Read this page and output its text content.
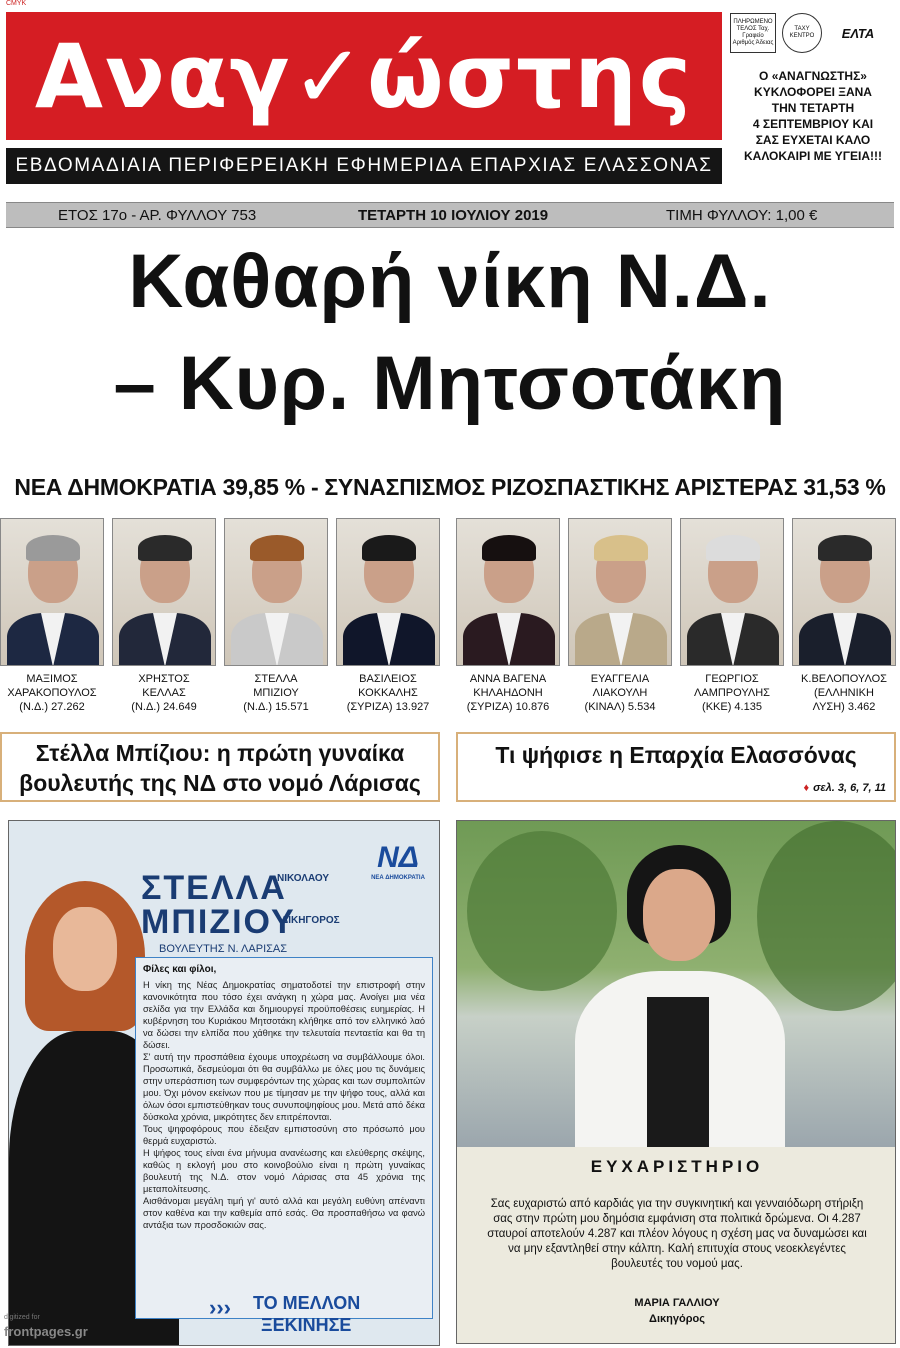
CMYK
Αναγ✓ώστης
ΕΒΔΟΜΑΔΙΑΙΑ ΠΕΡΙΦΕΡΕΙΑΚΗ ΕΦΗΜΕΡΙΔΑ ΕΠΑΡΧΙΑΣ ΕΛΑΣΣΟΝΑΣ
ΠΛΗΡΩΜΕΝΟ ΤΕΛΟΣ Ταχ. Γραφείο Αριθμός Άδειας
ΤΑΧΥ ΚΕΝΤΡΟ	ΕΛΤΑ
Ο «ΑΝΑΓΝΩΣΤΗΣ»
ΚΥΚΛΟΦΟΡΕΙ ΞΑΝΑ
ΤΗΝ ΤΕΤΑΡΤΗ
4 ΣΕΠΤΕΜΒΡΙΟΥ ΚΑΙ
ΣΑΣ ΕΥΧΕΤΑΙ ΚΑΛΟ
ΚΑΛΟΚΑΙΡΙ ΜΕ ΥΓΕΙΑ!!!
ΕΤΟΣ 17ο - ΑΡ. ΦΥΛΛΟΥ 753	ΤΕΤΑΡΤΗ 10 ΙΟΥΛΙΟΥ 2019	ΤΙΜΗ ΦΥΛΛΟΥ: 1,00 €
Καθαρή νίκη Ν.Δ.
– Κυρ. Μητσοτάκη
ΝΕΑ ΔΗΜΟΚΡΑΤΙΑ 39,85 % - ΣΥΝΑΣΠΙΣΜΟΣ ΡΙΖΟΣΠΑΣΤΙΚΗΣ ΑΡΙΣΤΕΡΑΣ 31,53 %
ΜΑΞΙΜΟΣ
ΧΑΡΑΚΟΠΟΥΛΟΣ
(Ν.Δ.) 27.262
ΧΡΗΣΤΟΣ
ΚΕΛΛΑΣ
(Ν.Δ.) 24.649
ΣΤΕΛΛΑ
ΜΠΙΖΙΟΥ
(Ν.Δ.) 15.571
ΒΑΣΙΛΕΙΟΣ
ΚΟΚΚΑΛΗΣ
(ΣΥΡΙΖΑ) 13.927
ΑΝΝΑ ΒΑΓΕΝΑ
ΚΗΛΑΗΔΟΝΗ
(ΣΥΡΙΖΑ) 10.876
ΕΥΑΓΓΕΛΙΑ
ΛΙΑΚΟΥΛΗ
(ΚΙΝΑΛ) 5.534
ΓΕΩΡΓΙΟΣ
ΛΑΜΠΡΟΥΛΗΣ
(ΚΚΕ) 4.135
Κ.ΒΕΛΟΠΟΥΛΟΣ
(ΕΛΛΗΝΙΚΗ
ΛΥΣΗ) 3.462
Στέλλα Μπίζιου: η πρώτη γυναίκα
βουλευτής της ΝΔ στο νομό Λάρισας
Τι ψήφισε η Επαρχία Ελασσόνας
♦ σελ. 3, 6, 7, 11
ΣΤΕΛΛΑ
ΜΠΙΖΙΟΥ
ΝΙΚΟΛΑΟΥ
ΔΙΚΗΓΟΡΟΣ
ΒΟΥΛΕΥΤΗΣ Ν. ΛΑΡΙΣΑΣ
ΝΔ
ΝΕΑ ΔΗΜΟΚΡΑΤΙΑ
Φίλες και φίλοι,

Η νίκη της Νέας Δημοκρατίας σηματοδοτεί την επιστροφή στην κανονικότητα που τόσο έχει ανάγκη η χώρα μας. Ανοίγει μια νέα σελίδα για την Ελλάδα και δημιουργεί προϋποθέσεις ευημερίας. Η κυβέρνηση του Κυριάκου Μητσοτάκη κλήθηκε από τον ελληνικό λαό να δώσει την ελπίδα που χάθηκε την τελευταία πενταετία και θα τη δώσει.

Σ' αυτή την προσπάθεια έχουμε υποχρέωση να συμβάλλουμε όλοι. Προσωπικά, δεσμεύομαι ότι θα συμβάλλω με όλες μου τις δυνάμεις στην υπεράσπιση των συμφερόντων της χώρας και των συμπολιτών μου. Όχι μόνον εκείνων που με τίμησαν με την ψήφο τους, αλλά και όλων όσοι εμπιστεύθηκαν τους συνυποψηφίους μου. Μετά από δέκα δύσκολα χρόνια, μικρότητες δεν επιτρέπονται.

Τους ψηφοφόρους που έδειξαν εμπιστοσύνη στο πρόσωπό μου θερμά ευχαριστώ.

Η ψήφος τους είναι ένα μήνυμα ανανέωσης και ελεύθερης σκέψης, καθώς η εκλογή μου στο κοινοβούλιο είναι η πρώτη γυναίκας βουλευτή της Ν.Δ. στον νομό Λάρισας στα 45 χρόνια της μεταπολίτευσης.

Αισθάνομαι μεγάλη τιμή γι' αυτό αλλά και μεγάλη ευθύνη απέναντι στον καθένα και την καθεμία από εσάς. Θα προσπαθήσω να φανώ αντάξια των προσδοκιών σας.

››› ΤΟ ΜΕΛΛΟΝ
ΞΕΚΙΝΗΣΕ
ΕΥΧΑΡΙΣΤΗΡΙΟ
Σας ευχαριστώ από καρδιάς για την συγκινητική και γενναιόδωρη στήριξη σας στην πρώτη μου δημόσια εμφάνιση στα πολιτικά δρώμενα. Οι 4.287 σταυροί αποτελούν 4.287 και πλέον λόγους η σχέση μας να δυναμώσει και να μην εξαντληθεί στην κάλπη. Καλή επιτυχία στους νεοεκλεγέντες βουλευτές του νομού μας.
ΜΑΡΙΑ ΓΑΛΛΙΟΥ
Δικηγόρος
digitized for
frontpages.gr
